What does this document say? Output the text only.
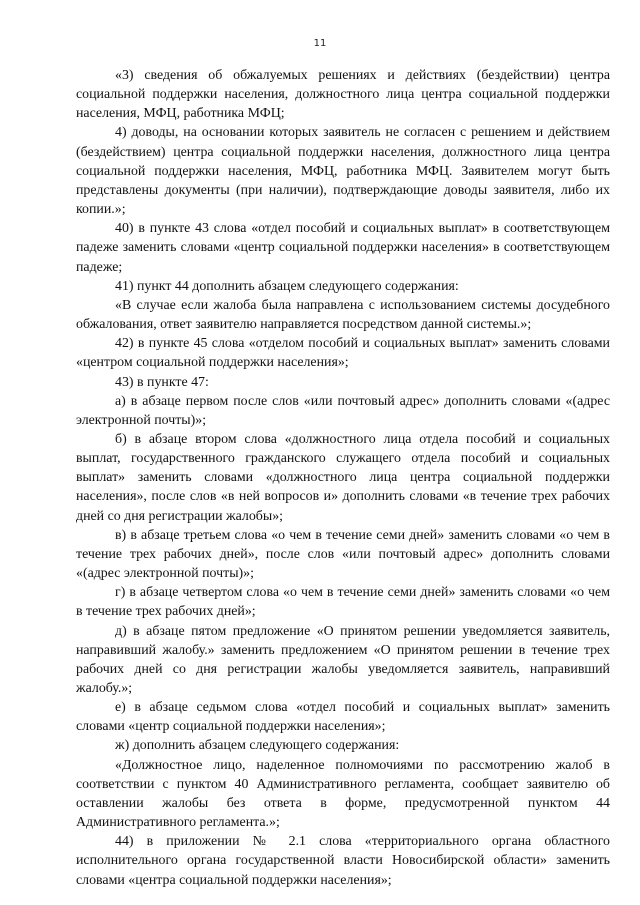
11

«3) сведения об обжалуемых решениях и действиях (бездействии) центра социальной поддержки населения, должностного лица центра социальной поддержки населения, МФЦ, работника МФЦ;

4) доводы, на основании которых заявитель не согласен с решением и действием (бездействием) центра социальной поддержки населения, должностного лица центра социальной поддержки населения, МФЦ, работника МФЦ. Заявителем могут быть представлены документы (при наличии), подтверждающие доводы заявителя, либо их копии.»;

40) в пункте 43 слова «отдел пособий и социальных выплат» в соответствующем падеже заменить словами «центр социальной поддержки населения» в соответствующем падеже;

41) пункт 44 дополнить абзацем следующего содержания:

«В случае если жалоба была направлена с использованием системы досудебного обжалования, ответ заявителю направляется посредством данной системы.»;

42) в пункте 45 слова «отделом пособий и социальных выплат» заменить словами «центром социальной поддержки населения»;

43) в пункте 47:

а) в абзаце первом после слов «или почтовый адрес» дополнить словами «(адрес электронной почты)»;

б) в абзаце втором слова «должностного лица отдела пособий и социальных выплат, государственного гражданского служащего отдела пособий и социальных выплат» заменить словами «должностного лица центра социальной поддержки населения», после слов «в ней вопросов и» дополнить словами «в течение трех рабочих дней со дня регистрации жалобы»;

в) в абзаце третьем слова «о чем в течение семи дней» заменить словами «о чем в течение трех рабочих дней», после слов «или почтовый адрес» дополнить словами «(адрес электронной почты)»;

г) в абзаце четвертом слова «о чем в течение семи дней» заменить словами «о чем в течение трех рабочих дней»;

д) в абзаце пятом предложение «О принятом решении уведомляется заявитель, направивший жалобу.» заменить предложением «О принятом решении в течение трех рабочих дней со дня регистрации жалобы уведомляется заявитель, направивший жалобу.»;

е) в абзаце седьмом слова «отдел пособий и социальных выплат» заменить словами «центр социальной поддержки населения»;

ж) дополнить абзацем следующего содержания:

«Должностное лицо, наделенное полномочиями по рассмотрению жалоб в соответствии с пунктом 40 Административного регламента, сообщает заявителю об оставлении жалобы без ответа в форме, предусмотренной пунктом 44 Административного регламента.»;

44) в приложении № 2.1 слова «территориального органа областного исполнительного органа государственной власти Новосибирской области» заменить словами «центра социальной поддержки населения»;
